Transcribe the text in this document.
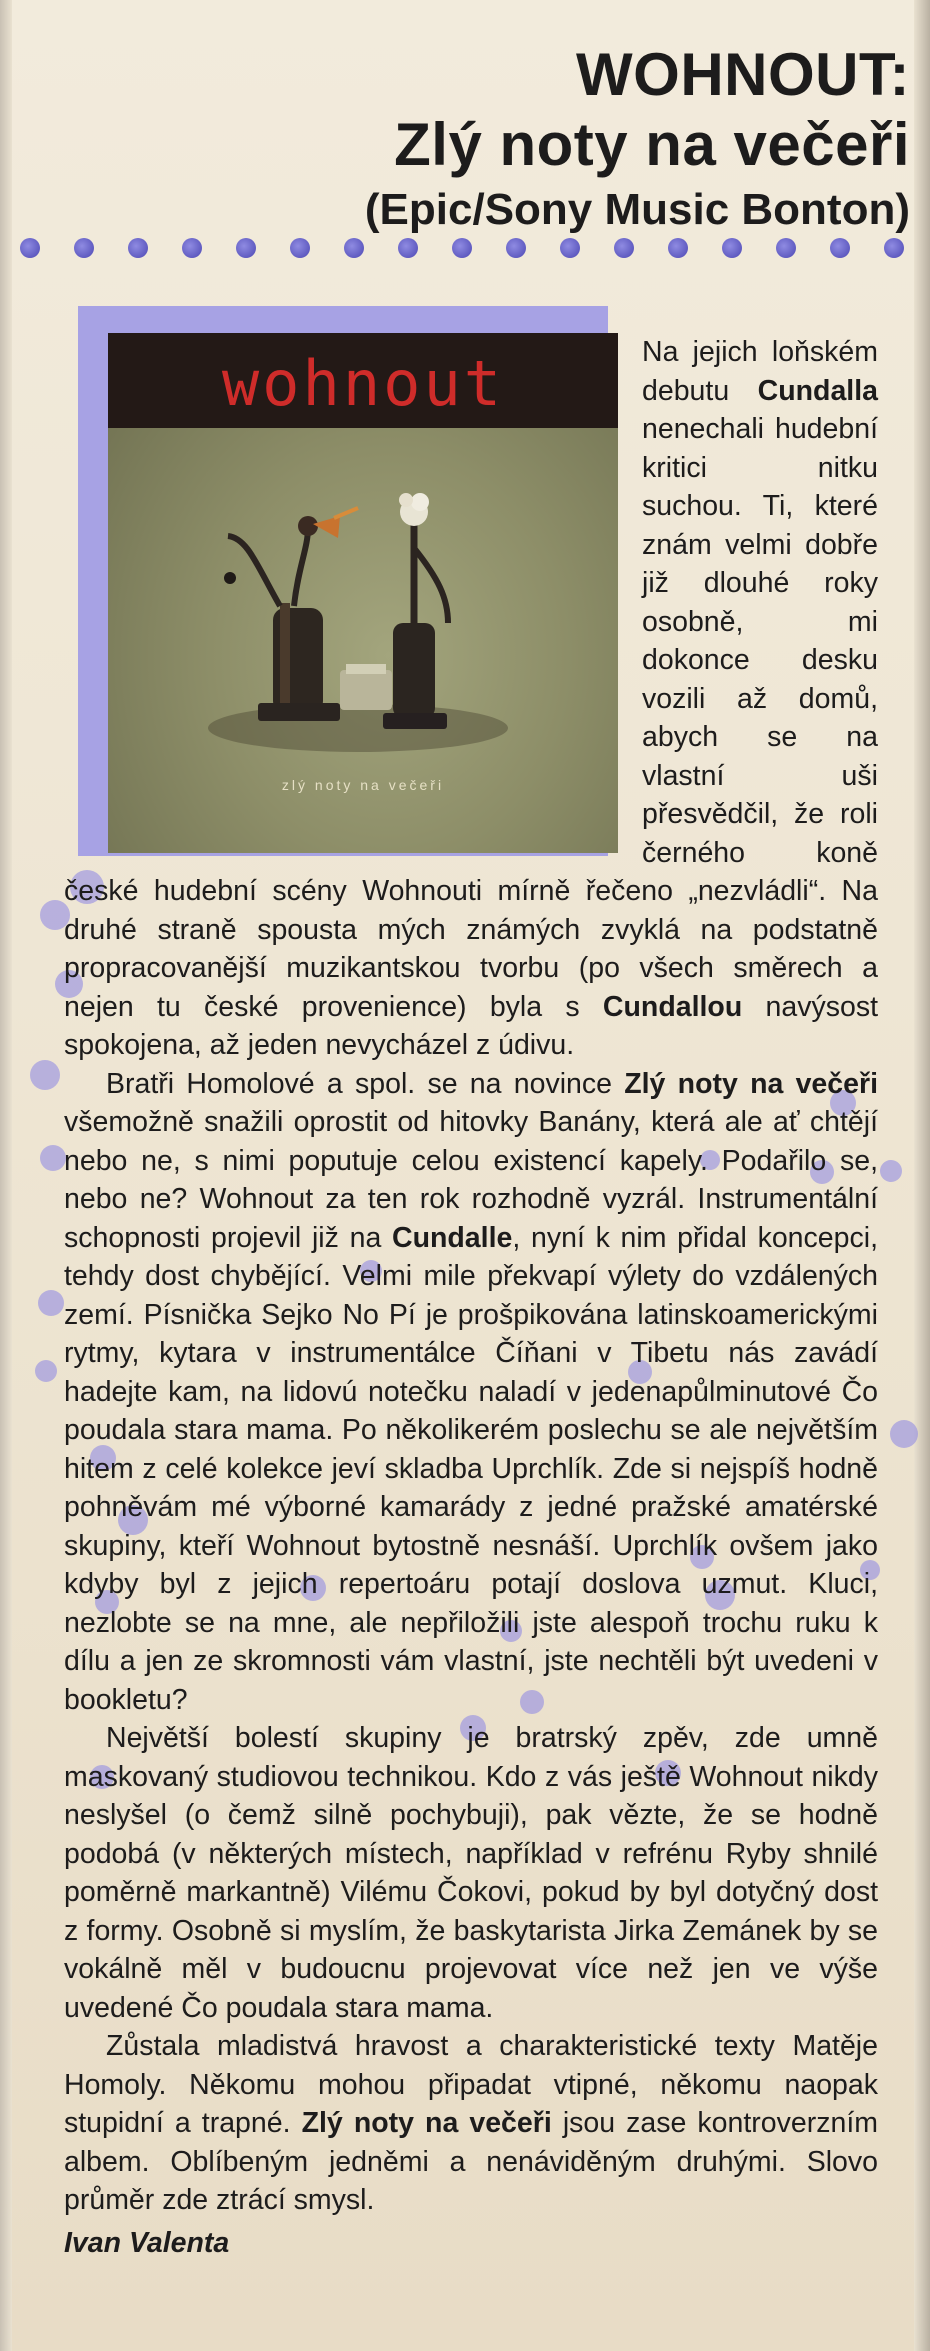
WOHNOUT:
Zlý noty na večeři
(Epic/Sony Music Bonton)
wohnout
zlý noty na večeři

Na jejich loňském debutu Cundalla nenechali hudební kritici nitku suchou. Ti, které znám velmi dobře již dlouhé roky osobně, mi dokonce desku vozili až domů, abych se na vlastní uši přesvědčil, že roli černého koně české hudební scény Wohnouti mírně řečeno „nezvládli“. Na druhé straně spousta mých známých zvyklá na podstatně propracovanější muzikantskou tvorbu (po všech směrech a nejen tu české provenience) byla s Cundallou navýsost spokojena, až jeden nevycházel z údivu.

Bratři Homolové a spol. se na novince Zlý noty na večeři všemožně snažili oprostit od hitovky Banány, která ale ať chtějí nebo ne, s nimi poputuje celou existencí kapely. Podařilo se, nebo ne? Wohnout za ten rok rozhodně vyzrál. Instrumentální schopnosti projevil již na Cundalle, nyní k nim přidal koncepci, tehdy dost chybějící. Velmi mile překvapí výlety do vzdálených zemí. Písnička Sejko No Pí je prošpikována latinskoamerickými rytmy, kytara v instrumentálce Číňani v Tibetu nás zavádí hadejte kam, na lidovú notečku naladí v jedenapůlminutové Čo poudala stara mama. Po několikerém poslechu se ale největším hitem z celé kolekce jeví skladba Uprchlík. Zde si nejspíš hodně pohněvám mé výborné kamarády z jedné pražské amatérské skupiny, kteří Wohnout bytostně nesnáší. Uprchlík ovšem jako kdyby byl z jejich repertoáru potají doslova uzmut. Kluci, nezlobte se na mne, ale nepřiložili jste alespoň trochu ruku k dílu a jen ze skromnosti vám vlastní, jste nechtěli být uvedeni v bookletu?

Největší bolestí skupiny je bratrský zpěv, zde umně maskovaný studiovou technikou. Kdo z vás ještě Wohnout nikdy neslyšel (o čemž silně pochybuji), pak vězte, že se hodně podobá (v některých místech, například v refrénu Ryby shnilé poměrně markantně) Vilému Čokovi, pokud by byl dotyčný dost z formy. Osobně si myslím, že baskytarista Jirka Zemánek by se vokálně měl v budoucnu projevovat více než jen ve výše uvedené Čo poudala stara mama.

Zůstala mladistvá hravost a charakteristické texty Matěje Homoly. Někomu mohou připadat vtipné, někomu naopak stupidní a trapné. Zlý noty na večeři jsou zase kontroverzním albem. Oblíbeným jedněmi a nenáviděným druhými. Slovo průměr zde ztrácí smysl.

Ivan Valenta
